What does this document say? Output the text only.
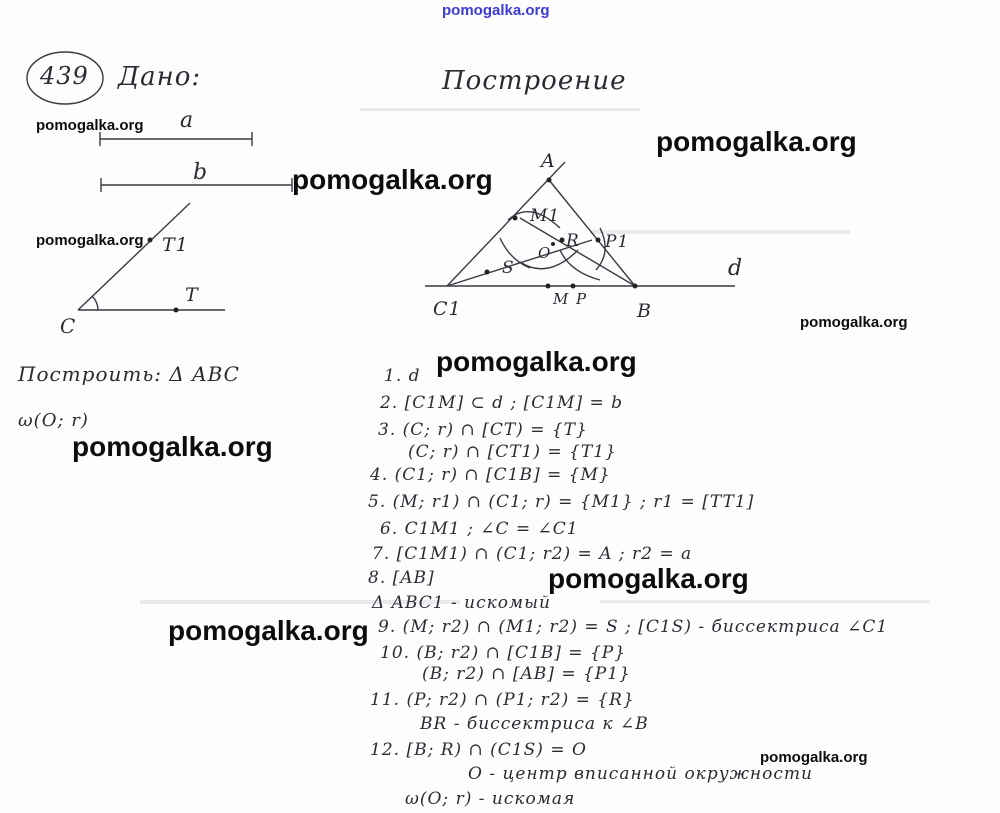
pomogalka.org
439 Дано:	Построение
a
b
T1
T
C
A
M1
R
O
P1
S	d
C1	M P
B
Построить: Δ ABC
ω(O; r)
1. d
2. [C1M] ⊂ d ; [C1M] = b
3. (C; r) ∩ [CT) = {T}
(C; r) ∩ [CT1) = {T1}
4. (C1; r) ∩ [C1B] = {M}
5. (M; r1) ∩ (C1; r) = {M1} ; r1 = [TT1]
6. C1M1 ; ∠C = ∠C1
7. [C1M1) ∩ (C1; r2) = A ; r2 = a
8. [AB]
Δ ABC1 - искомый
9. (M; r2) ∩ (M1; r2) = S ; [C1S) - биссектриса ∠C1
10. (B; r2) ∩ [C1B] = {P}
(B; r2) ∩ [AB] = {P1}
11. (P; r2) ∩ (P1; r2) = {R}
BR - биссектриса к ∠B
12. [B; R) ∩ (C1S) = O
O - центр вписанной окружности
ω(O; r) - искомая
pomogalka.org
pomogalka.org
pomogalka.org
pomogalka.org
pomogalka.org
pomogalka.org
pomogalka.org
pomogalka.org
pomogalka.org
pomogalka.org
